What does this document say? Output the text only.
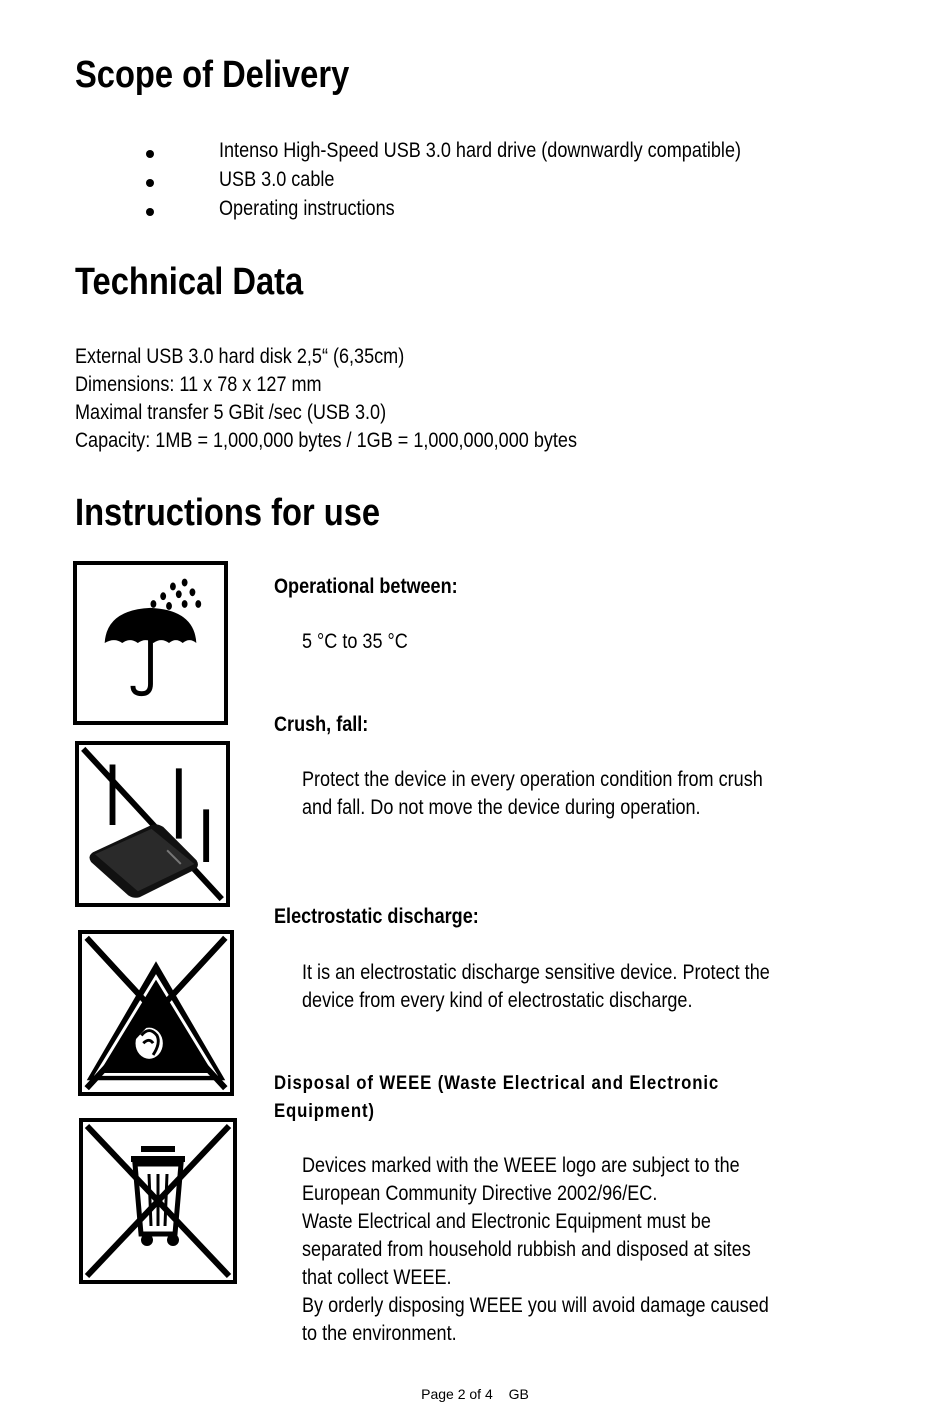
Scope of Delivery
Intenso High-Speed USB 3.0 hard drive (downwardly compatible)
USB 3.0 cable
Operating instructions
Technical Data
External USB 3.0 hard disk 2,5“ (6,35cm)
Dimensions: 11 x 78 x 127 mm
Maximal transfer 5 GBit /sec (USB 3.0)
Capacity: 1MB = 1,000,000 bytes / 1GB = 1,000,000,000 bytes
Instructions for use
Operational between:
5 °C to 35 °C
Crush, fall:
Protect the device in every operation condition from crush
and fall. Do not move the device during operation.
Electrostatic discharge:
It is an electrostatic discharge sensitive device. Protect the
device from every kind of electrostatic discharge.
Disposal of WEEE (Waste Electrical and Electronic
Equipment)
Devices marked with the WEEE logo are subject to the
European Community Directive 2002/96/EC.
Waste Electrical and Electronic Equipment must be
separated from household rubbish and disposed at sites
that collect WEEE.
By orderly disposing WEEE you will avoid damage caused
to the environment.
Page 2 of 4 GB
